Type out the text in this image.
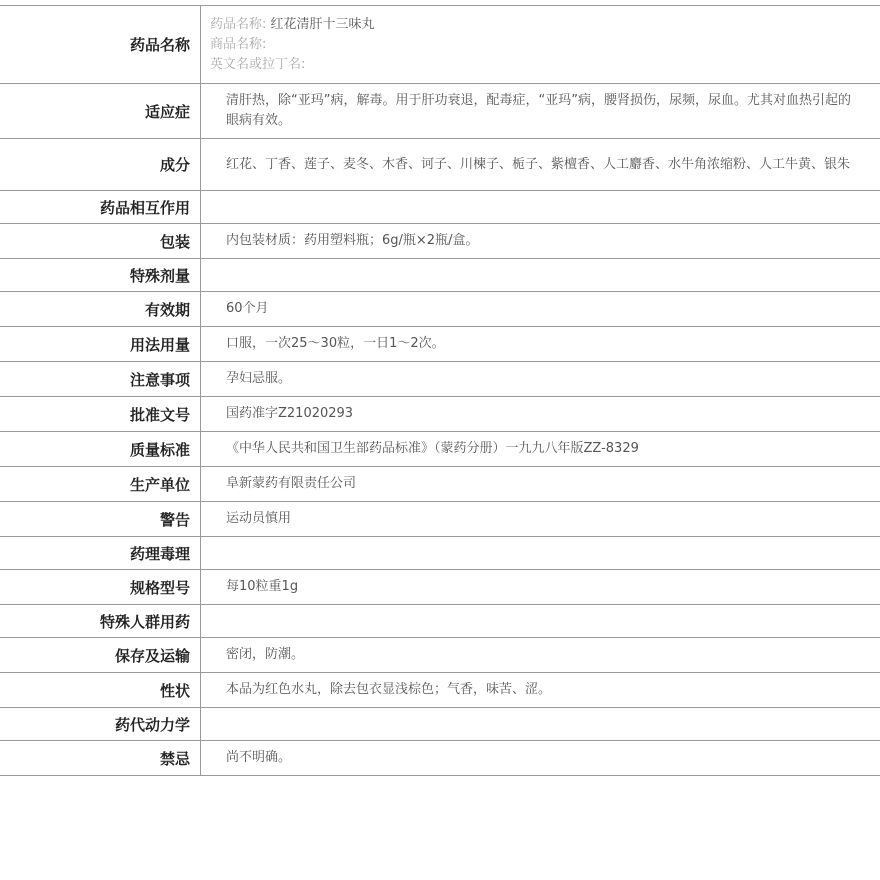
药品名称	药品名称: 红花清肝十三味丸
商品名称:
英文名或拉丁名:

适应症	清肝热，除“亚玛”病，解毒。用于肝功衰退，配毒症，“亚玛”病，腰肾损伤，尿频，尿血。尤其对血热引起的眼病有效。
成分	红花、丁香、莲子、麦冬、木香、诃子、川楝子、栀子、紫檀香、人工麝香、水牛角浓缩粉、人工牛黄、银朱
药品相互作用	
包装	内包装材质：药用塑料瓶；6g/瓶×2瓶/盒。
特殊剂量	
有效期	60个月
用法用量	口服，一次25～30粒，一日1～2次。
注意事项	孕妇忌服。
批准文号	国药准字Z21020293
质量标准	《中华人民共和国卫生部药品标准》（蒙药分册）一九九八年版ZZ-8329
生产单位	阜新蒙药有限责任公司
警告	运动员慎用
药理毒理	
规格型号	每10粒重1g
特殊人群用药	
保存及运输	密闭，防潮。
性状	本品为红色水丸，除去包衣显浅棕色；气香，味苦、涩。
药代动力学	
禁忌	尚不明确。
